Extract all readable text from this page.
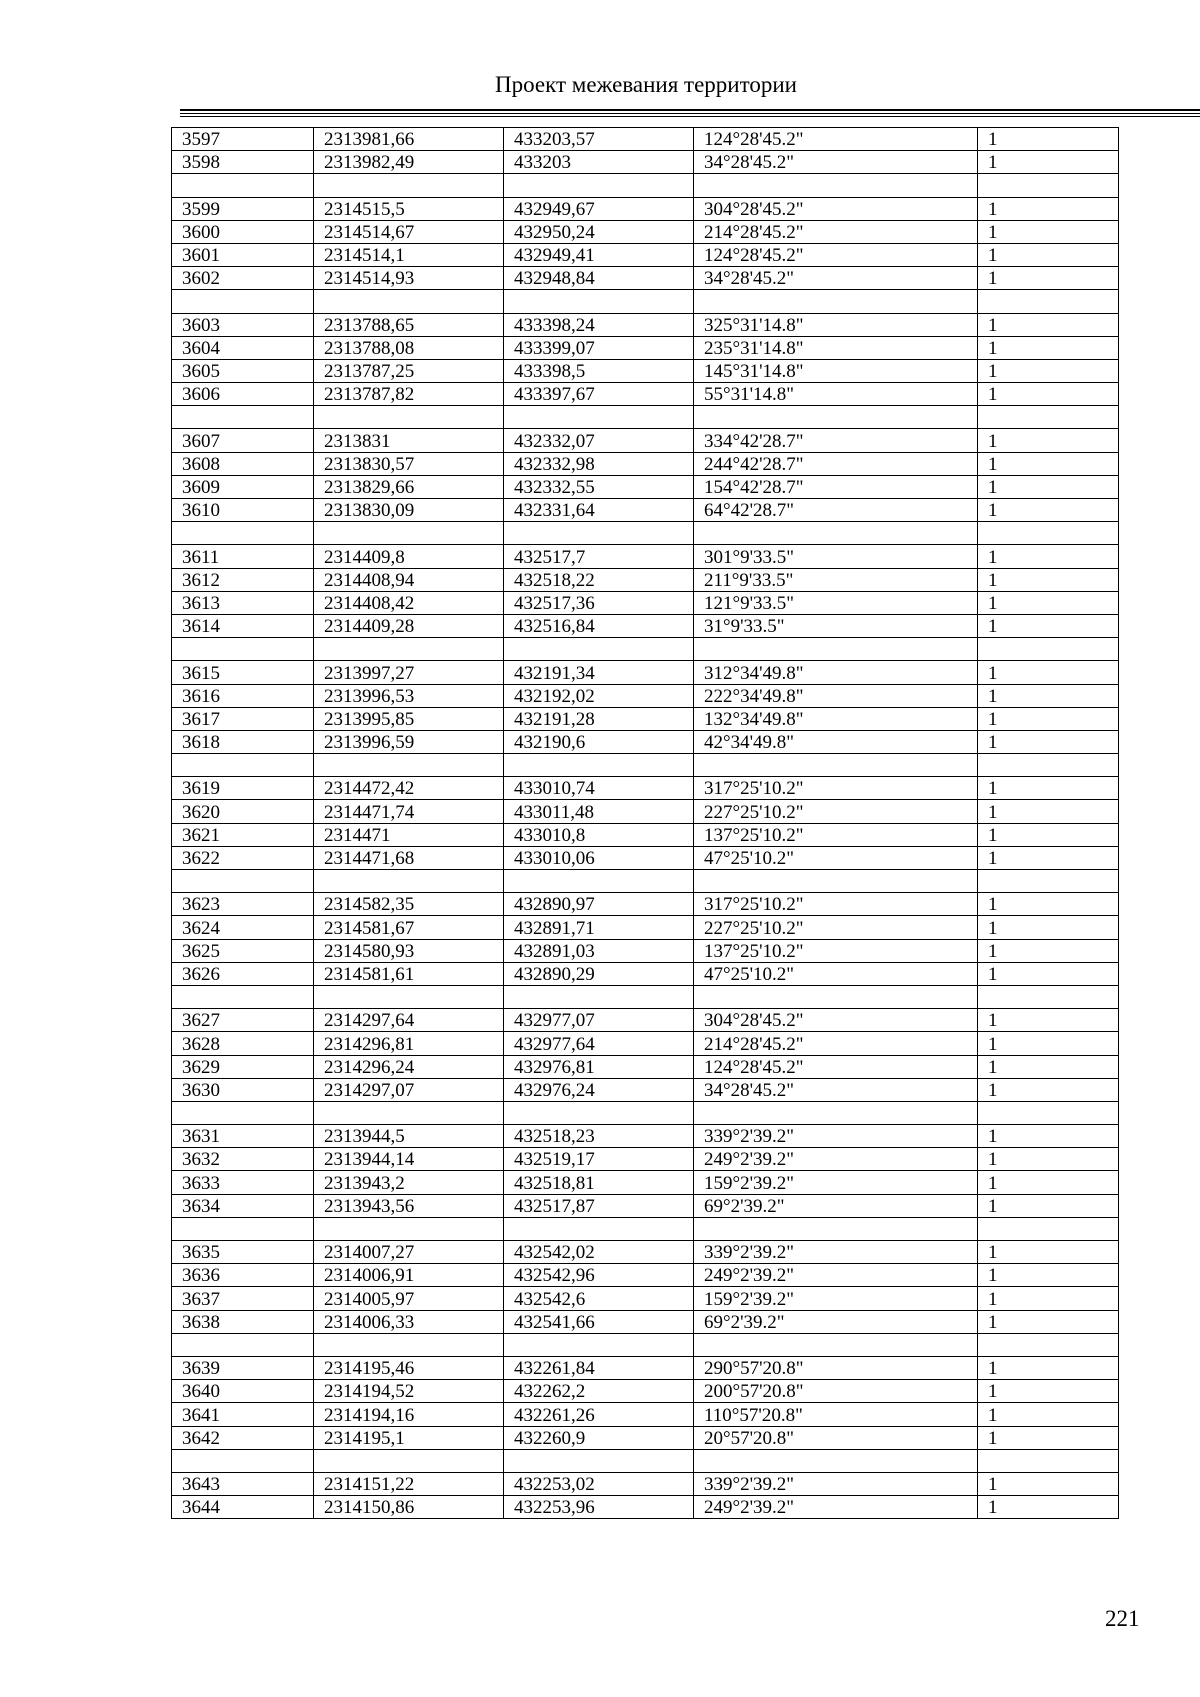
Проект межевания территории
3597	2313981,66	433203,57	124°28'45.2"	1
3598	2313982,49	433203	34°28'45.2"	1

3599	2314515,5	432949,67	304°28'45.2"	1
3600	2314514,67	432950,24	214°28'45.2"	1
3601	2314514,1	432949,41	124°28'45.2"	1
3602	2314514,93	432948,84	34°28'45.2"	1

3603	2313788,65	433398,24	325°31'14.8"	1
3604	2313788,08	433399,07	235°31'14.8"	1
3605	2313787,25	433398,5	145°31'14.8"	1
3606	2313787,82	433397,67	55°31'14.8"	1

3607	2313831	432332,07	334°42'28.7"	1
3608	2313830,57	432332,98	244°42'28.7"	1
3609	2313829,66	432332,55	154°42'28.7"	1
3610	2313830,09	432331,64	64°42'28.7"	1

3611	2314409,8	432517,7	301°9'33.5"	1
3612	2314408,94	432518,22	211°9'33.5"	1
3613	2314408,42	432517,36	121°9'33.5"	1
3614	2314409,28	432516,84	31°9'33.5"	1

3615	2313997,27	432191,34	312°34'49.8"	1
3616	2313996,53	432192,02	222°34'49.8"	1
3617	2313995,85	432191,28	132°34'49.8"	1
3618	2313996,59	432190,6	42°34'49.8"	1

3619	2314472,42	433010,74	317°25'10.2"	1
3620	2314471,74	433011,48	227°25'10.2"	1
3621	2314471	433010,8	137°25'10.2"	1
3622	2314471,68	433010,06	47°25'10.2"	1

3623	2314582,35	432890,97	317°25'10.2"	1
3624	2314581,67	432891,71	227°25'10.2"	1
3625	2314580,93	432891,03	137°25'10.2"	1
3626	2314581,61	432890,29	47°25'10.2"	1

3627	2314297,64	432977,07	304°28'45.2"	1
3628	2314296,81	432977,64	214°28'45.2"	1
3629	2314296,24	432976,81	124°28'45.2"	1
3630	2314297,07	432976,24	34°28'45.2"	1

3631	2313944,5	432518,23	339°2'39.2"	1
3632	2313944,14	432519,17	249°2'39.2"	1
3633	2313943,2	432518,81	159°2'39.2"	1
3634	2313943,56	432517,87	69°2'39.2"	1

3635	2314007,27	432542,02	339°2'39.2"	1
3636	2314006,91	432542,96	249°2'39.2"	1
3637	2314005,97	432542,6	159°2'39.2"	1
3638	2314006,33	432541,66	69°2'39.2"	1

3639	2314195,46	432261,84	290°57'20.8"	1
3640	2314194,52	432262,2	200°57'20.8"	1
3641	2314194,16	432261,26	110°57'20.8"	1
3642	2314195,1	432260,9	20°57'20.8"	1

3643	2314151,22	432253,02	339°2'39.2"	1
3644	2314150,86	432253,96	249°2'39.2"	1
221
